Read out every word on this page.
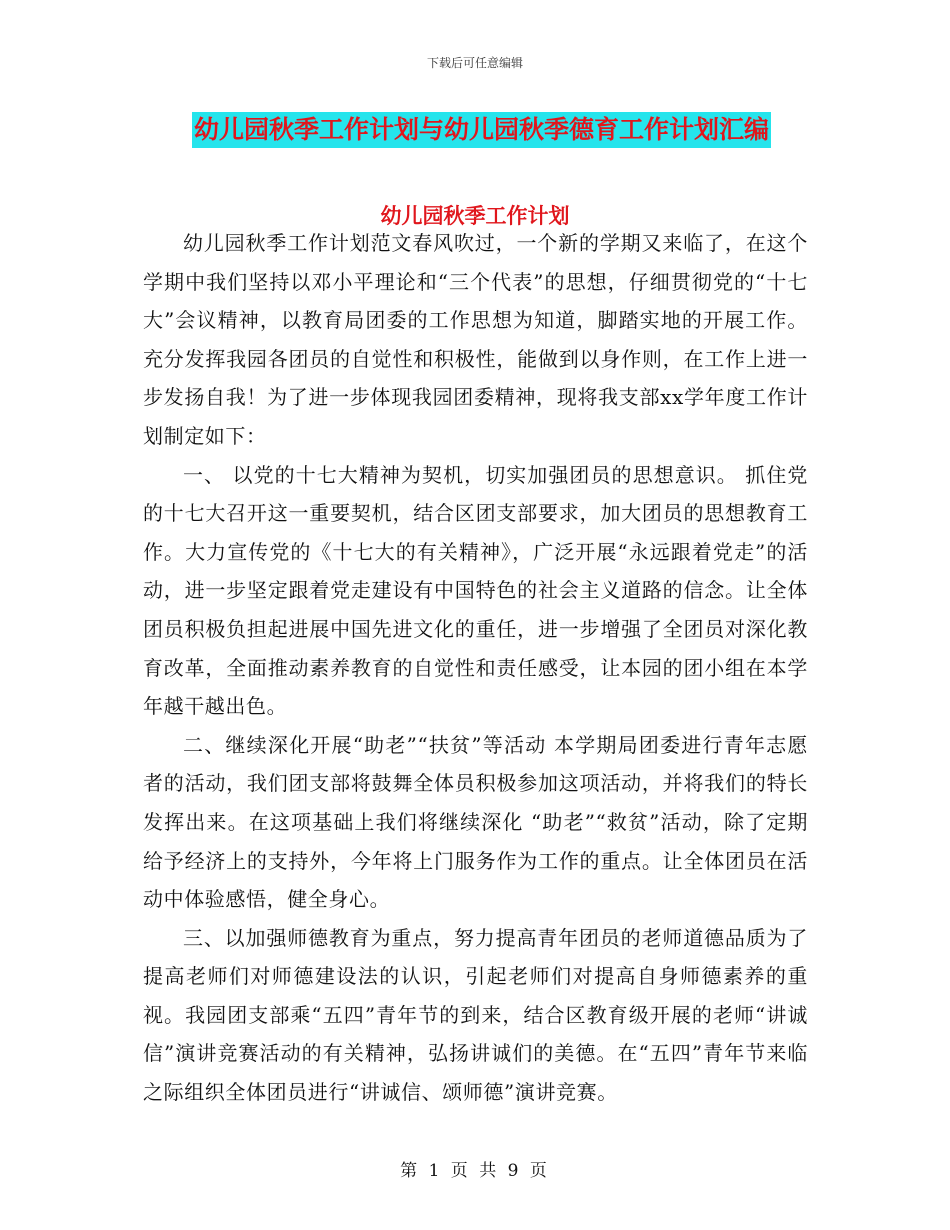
下载后可任意编辑
幼儿园秋季工作计划与幼儿园秋季德育工作计划汇编
幼儿园秋季工作计划

幼儿园秋季工作计划范文春风吹过，一个新的学期又来临了，在这个学期中我们坚持以邓小平理论和“三个代表”的思想，仔细贯彻党的“十七大”会议精神，以教育局团委的工作思想为知道，脚踏实地的开展工作。充分发挥我园各团员的自觉性和积极性，能做到以身作则，在工作上进一步发扬自我！为了进一步体现我园团委精神，现将我支部xx学年度工作计划制定如下：

一、 以党的十七大精神为契机，切实加强团员的思想意识。 抓住党的十七大召开这一重要契机，结合区团支部要求，加大团员的思想教育工作。大力宣传党的《十七大的有关精神》，广泛开展“永远跟着党走”的活动，进一步坚定跟着党走建设有中国特色的社会主义道路的信念。让全体团员积极负担起进展中国先进文化的重任，进一步增强了全团员对深化教育改革，全面推动素养教育的自觉性和责任感受，让本园的团小组在本学年越干越出色。

二、继续深化开展“助老”“扶贫”等活动 本学期局团委进行青年志愿者的活动，我们团支部将鼓舞全体员积极参加这项活动，并将我们的特长发挥出来。在这项基础上我们将继续深化 “助老”“救贫”活动，除了定期给予经济上的支持外，今年将上门服务作为工作的重点。让全体团员在活动中体验感悟，健全身心。

三、以加强师德教育为重点，努力提高青年团员的老师道德品质为了提高老师们对师德建设法的认识，引起老师们对提高自身师德素养的重视。我园团支部乘“五四”青年节的到来，结合区教育级开展的老师“讲诚信”演讲竞赛活动的有关精神，弘扬讲诚们的美德。在“五四”青年节来临之际组织全体团员进行“讲诚信、颂师德”演讲竞赛。

第 1 页 共 9 页
